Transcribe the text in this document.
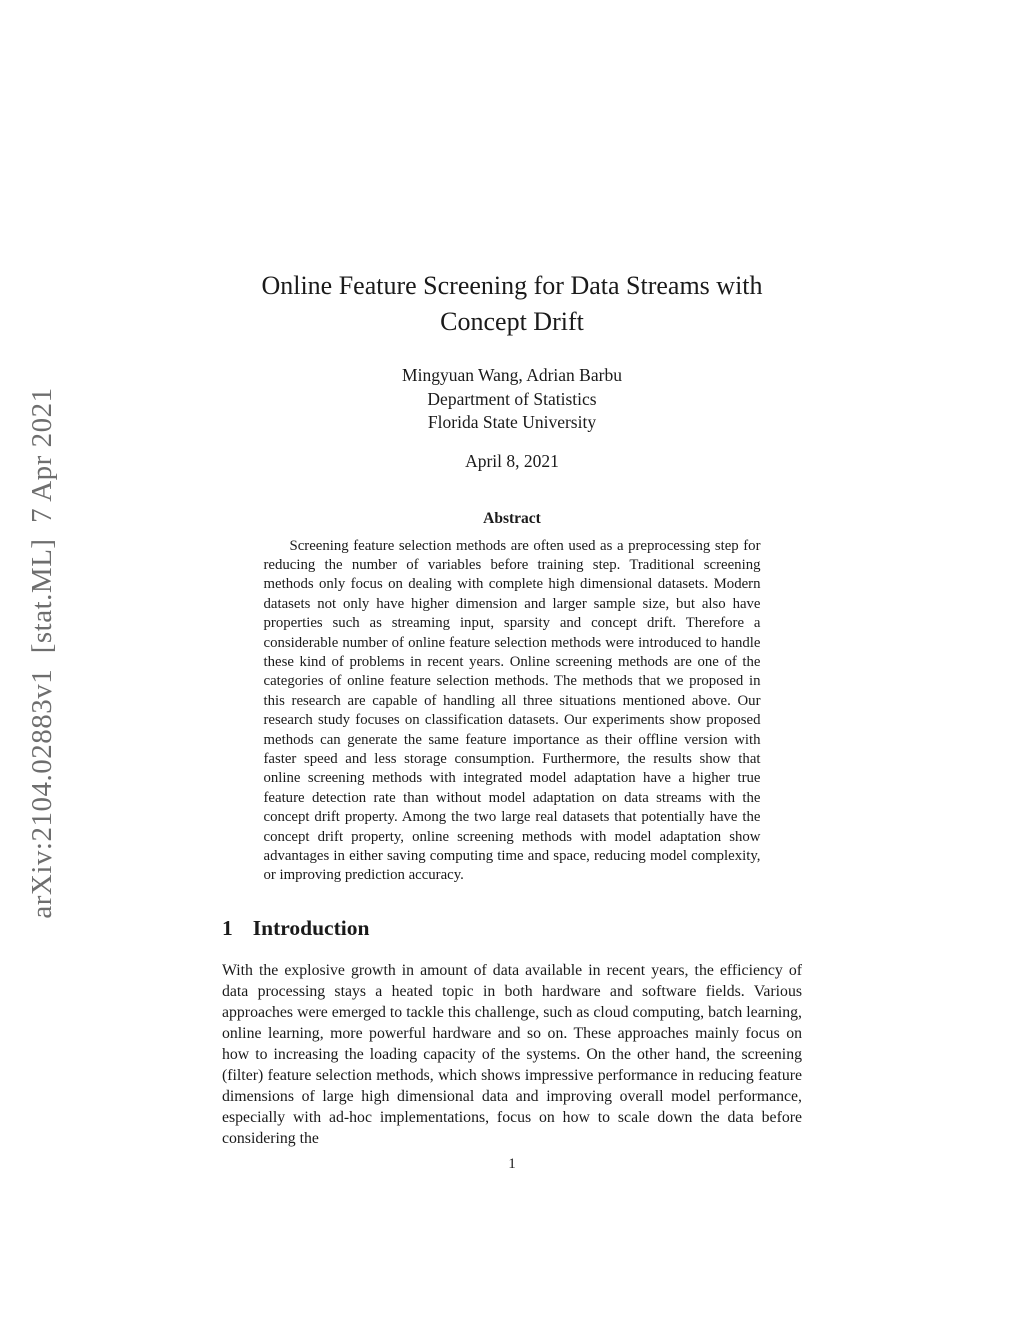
arXiv:2104.02883v1  [stat.ML]  7 Apr 2021
Online Feature Screening for Data Streams with
Concept Drift
Mingyuan Wang, Adrian Barbu
Department of Statistics
Florida State University
April 8, 2021
Abstract
Screening feature selection methods are often used as a preprocessing step for reducing the number of variables before training step. Traditional screening methods only focus on dealing with complete high dimensional datasets. Modern datasets not only have higher dimension and larger sample size, but also have properties such as streaming input, sparsity and concept drift. Therefore a considerable number of online feature selection methods were introduced to handle these kind of problems in recent years. Online screening methods are one of the categories of online feature selection methods. The methods that we proposed in this research are capable of handling all three situations mentioned above. Our research study focuses on classification datasets. Our experiments show proposed methods can generate the same feature importance as their offline version with faster speed and less storage consumption. Furthermore, the results show that online screening methods with integrated model adaptation have a higher true feature detection rate than without model adaptation on data streams with the concept drift property. Among the two large real datasets that potentially have the concept drift property, online screening methods with model adaptation show advantages in either saving computing time and space, reducing model complexity, or improving prediction accuracy.
1 Introduction
With the explosive growth in amount of data available in recent years, the efficiency of data processing stays a heated topic in both hardware and software fields. Various approaches were emerged to tackle this challenge, such as cloud computing, batch learning, online learning, more powerful hardware and so on. These approaches mainly focus on how to increasing the loading capacity of the systems. On the other hand, the screening (filter) feature selection methods, which shows impressive performance in reducing feature dimensions of large high dimensional data and improving overall model performance, especially with ad-hoc implementations, focus on how to scale down the data before considering the
1
